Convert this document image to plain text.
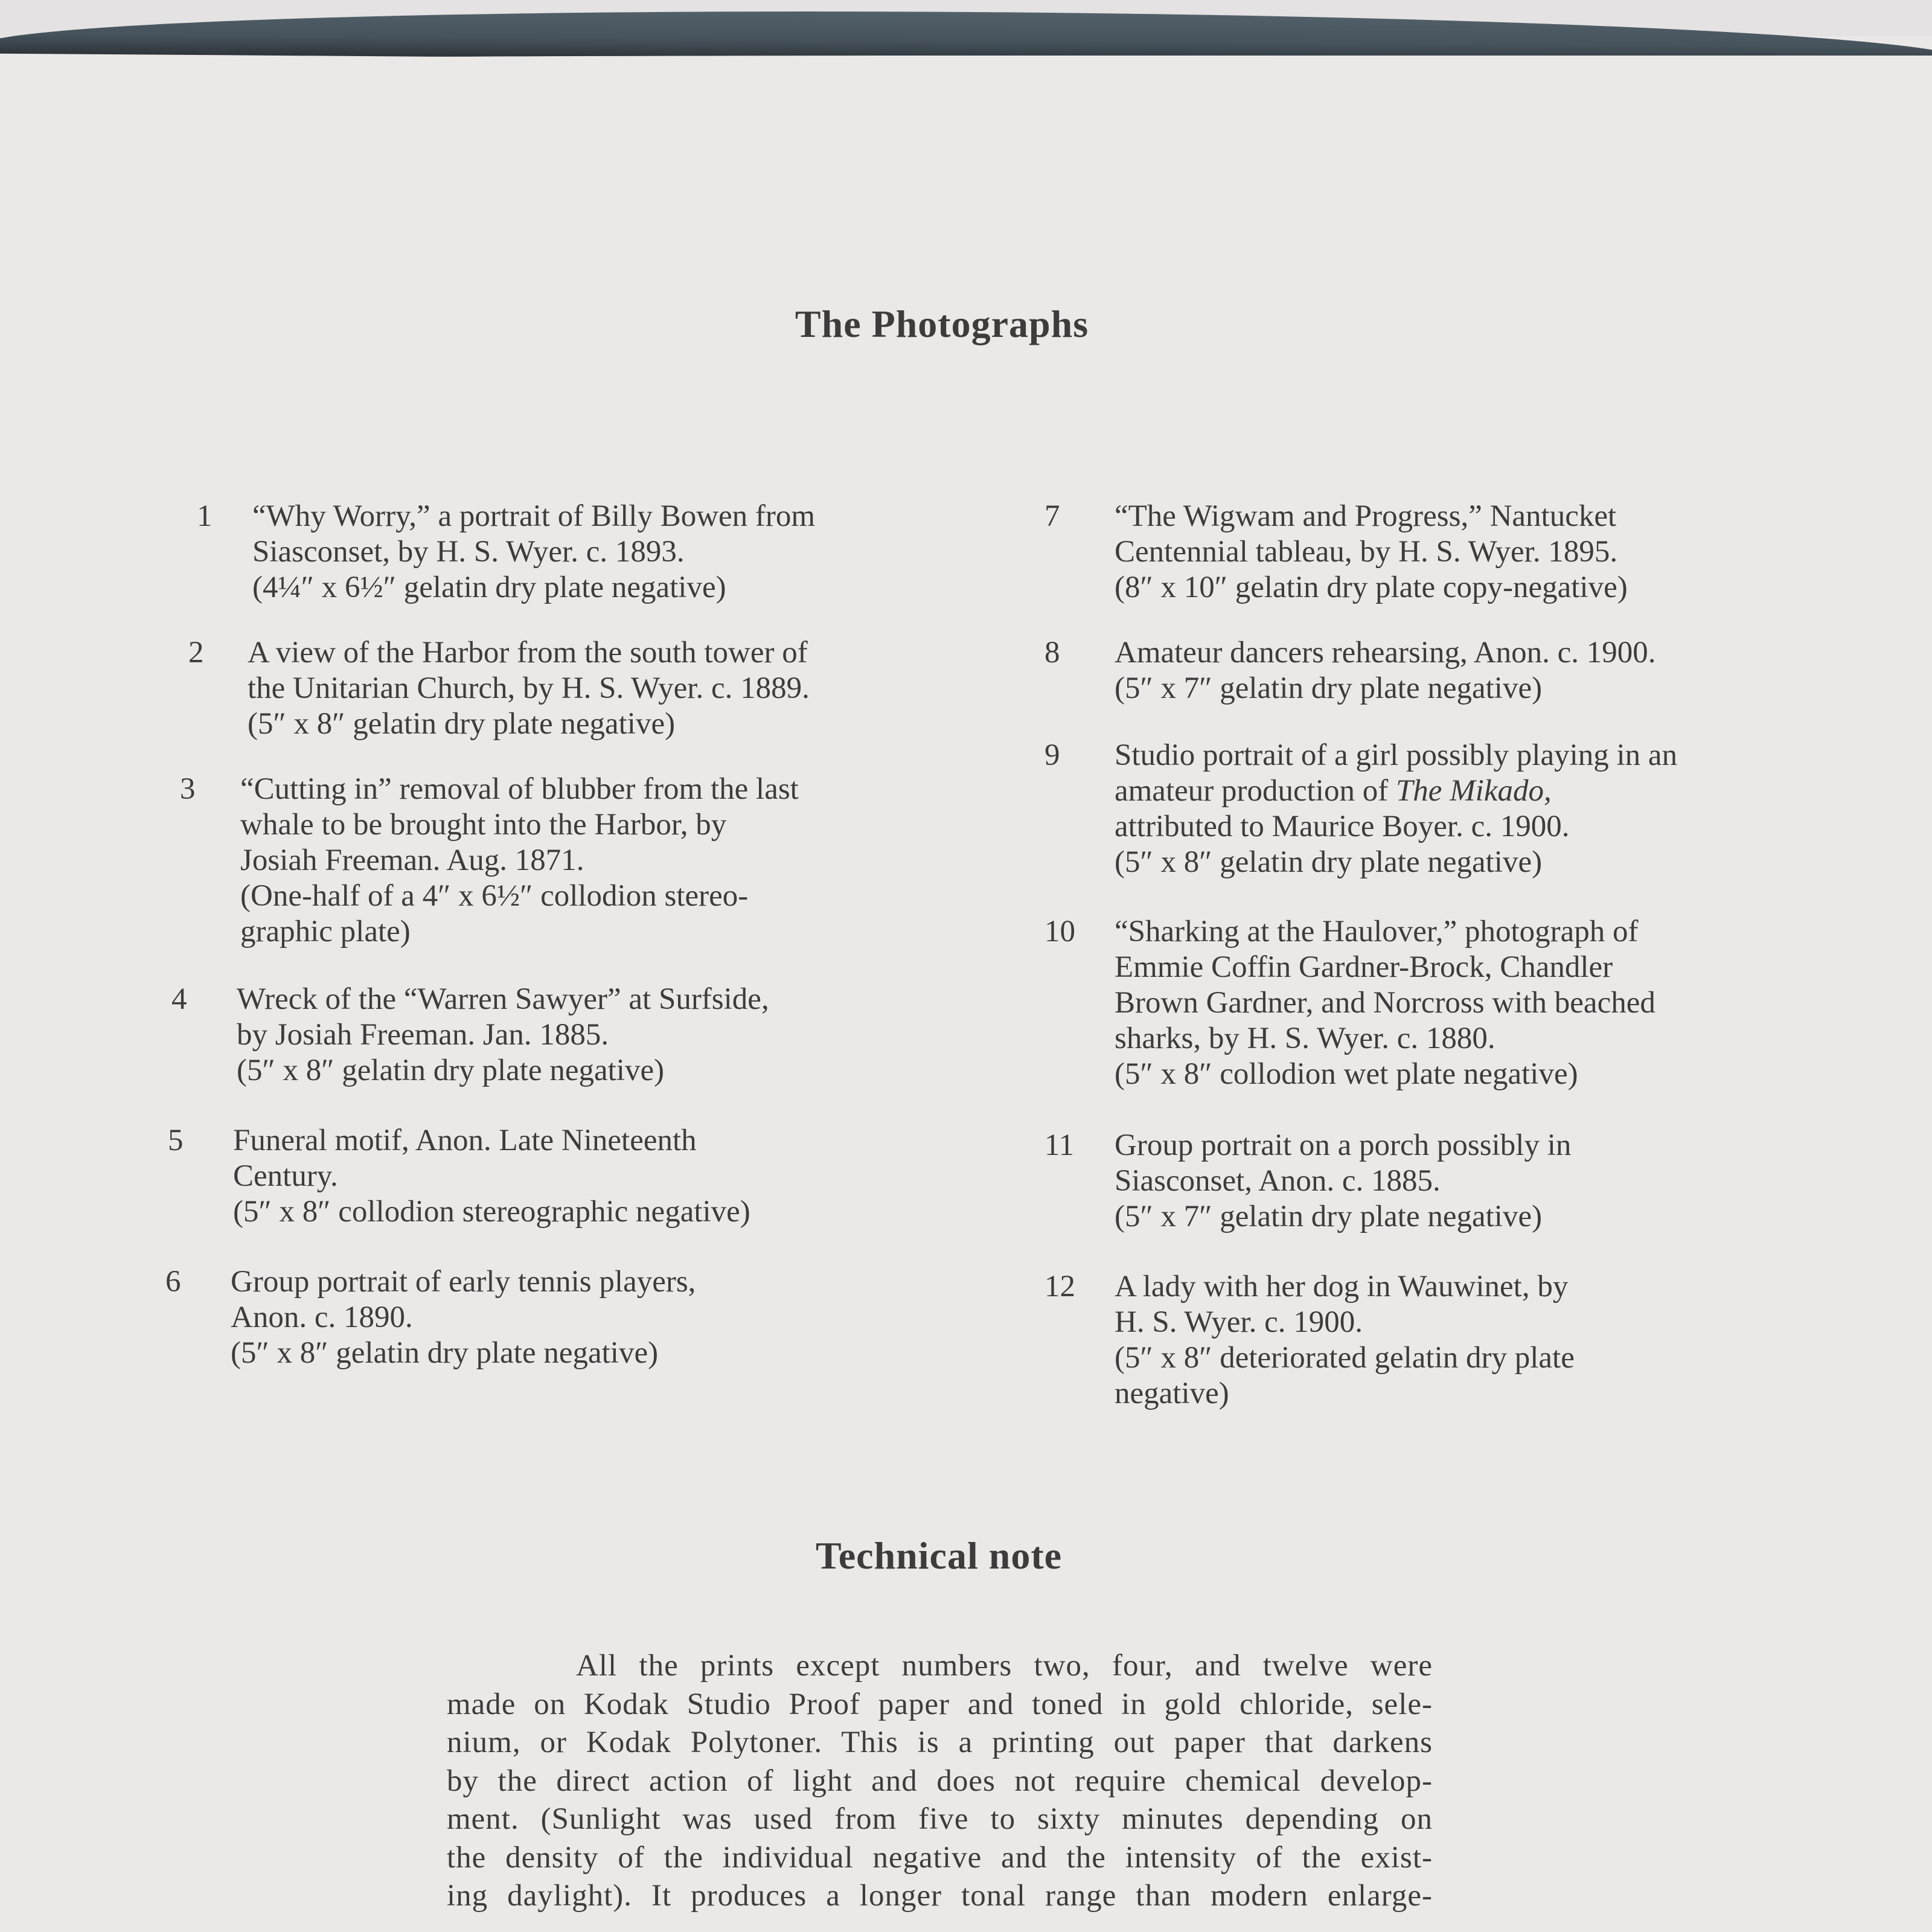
The Photographs
1 “Why Worry,” a portrait of Billy Bowen from
Siasconset, by H. S. Wyer. c. 1893.
(4¼″ x 6½″ gelatin dry plate negative)
2 A view of the Harbor from the south tower of
the Unitarian Church, by H. S. Wyer. c. 1889.
(5″ x 8″ gelatin dry plate negative)
3 “Cutting in” removal of blubber from the last
whale to be brought into the Harbor, by
Josiah Freeman. Aug. 1871.
(One-half of a 4″ x 6½″ collodion stereo-
graphic plate)
4 Wreck of the “Warren Sawyer” at Surfside,
by Josiah Freeman. Jan. 1885.
(5″ x 8″ gelatin dry plate negative)
5 Funeral motif, Anon. Late Nineteenth
Century.
(5″ x 8″ collodion stereographic negative)
6 Group portrait of early tennis players,
Anon. c. 1890.
(5″ x 8″ gelatin dry plate negative)
7 “The Wigwam and Progress,” Nantucket
Centennial tableau, by H. S. Wyer. 1895.
(8″ x 10″ gelatin dry plate copy-negative)
8 Amateur dancers rehearsing, Anon. c. 1900.
(5″ x 7″ gelatin dry plate negative)
9 Studio portrait of a girl possibly playing in an
amateur production of The Mikado,
attributed to Maurice Boyer. c. 1900.
(5″ x 8″ gelatin dry plate negative)
10 “Sharking at the Haulover,” photograph of
Emmie Coffin Gardner-Brock, Chandler
Brown Gardner, and Norcross with beached
sharks, by H. S. Wyer. c. 1880.
(5″ x 8″ collodion wet plate negative)
11 Group portrait on a porch possibly in
Siasconset, Anon. c. 1885.
(5″ x 7″ gelatin dry plate negative)
12 A lady with her dog in Wauwinet, by
H. S. Wyer. c. 1900.
(5″ x 8″ deteriorated gelatin dry plate
negative)
Technical note
All the prints except numbers two, four, and twelve were
made on Kodak Studio Proof paper and toned in gold chloride, sele-
nium, or Kodak Polytoner. This is a printing out paper that darkens
by the direct action of light and does not require chemical develop-
ment. (Sunlight was used from five to sixty minutes depending on
the density of the individual negative and the intensity of the exist-
ing daylight). It produces a longer tonal range than modern enlarge-
